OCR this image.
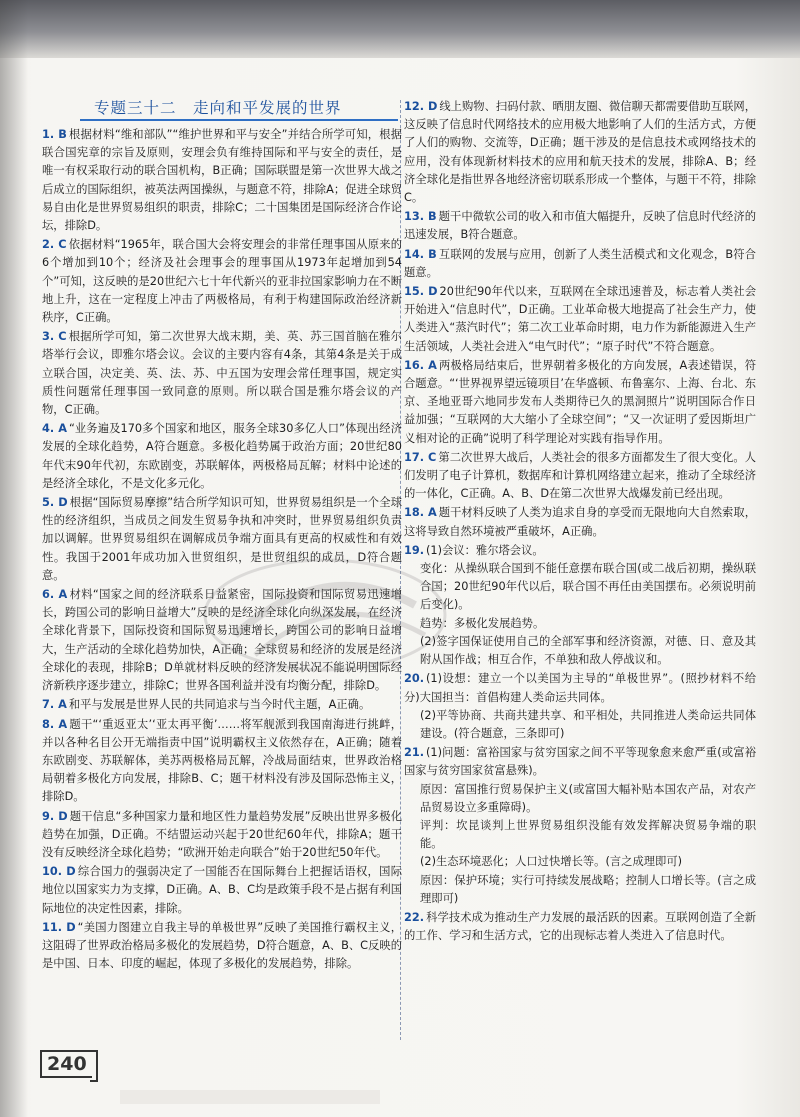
专题三十二　走向和平发展的世界
1. B 根据材料“维和部队”“维护世界和平与安全”并结合所学可知，根据联合国宪章的宗旨及原则，安理会负有维持国际和平与安全的责任，是唯一有权采取行动的联合国机构，B正确；国际联盟是第一次世界大战之后成立的国际组织，被英法两国操纵，与题意不符，排除A；促进全球贸易自由化是世界贸易组织的职责，排除C；二十国集团是国际经济合作论坛，排除D。
2. C 依据材料“1965年，联合国大会将安理会的非常任理事国从原来的6个增加到10个；经济及社会理事会的理事国从1973年起增加到54个”可知，这反映的是20世纪六七十年代新兴的亚非拉国家影响力在不断地上升，这在一定程度上冲击了两极格局，有利于构建国际政治经济新秩序，C正确。
3. C 根据所学可知，第二次世界大战末期，美、英、苏三国首脑在雅尔塔举行会议，即雅尔塔会议。会议的主要内容有4条，其第4条是关于成立联合国，决定美、英、法、苏、中五国为安理会常任理事国，规定实质性问题常任理事国一致同意的原则。所以联合国是雅尔塔会议的产物，C正确。
4. A “业务遍及170多个国家和地区，服务全球30多亿人口”体现出经济发展的全球化趋势，A符合题意。多极化趋势属于政治方面；20世纪80年代末90年代初，东欧剧变，苏联解体，两极格局瓦解；材料中论述的是经济全球化，不是文化多元化。
5. D 根据“国际贸易摩擦”结合所学知识可知，世界贸易组织是一个全球性的经济组织，当成员之间发生贸易争执和冲突时，世界贸易组织负责加以调解。世界贸易组织在调解成员争端方面具有更高的权威性和有效性。我国于2001年成功加入世贸组织，是世贸组织的成员，D符合题意。
6. A 材料“国家之间的经济联系日益紧密，国际投资和国际贸易迅速增长，跨国公司的影响日益增大”反映的是经济全球化向纵深发展，在经济全球化背景下，国际投资和国际贸易迅速增长，跨国公司的影响日益增大，生产活动的全球化趋势加快，A正确；全球贸易和经济的发展是经济全球化的表现，排除B；D单就材料反映的经济发展状况不能说明国际经济新秩序逐步建立，排除C；世界各国利益并没有均衡分配，排除D。
7. A 和平与发展是世界人民的共同追求与当今时代主题，A正确。
8. A 题干“‘重返亚太’‘亚太再平衡’……将军舰派到我国南海进行挑衅，并以各种名目公开无端指责中国”说明霸权主义依然存在，A正确；随着东欧剧变、苏联解体，美苏两极格局瓦解，冷战局面结束，世界政治格局朝着多极化方向发展，排除B、C；题干材料没有涉及国际恐怖主义，排除D。
9. D 题干信息“多种国家力量和地区性力量趋势发展”反映出世界多极化趋势在加强，D正确。不结盟运动兴起于20世纪60年代，排除A；题干没有反映经济全球化趋势；“欧洲开始走向联合”始于20世纪50年代。
10. D 综合国力的强弱决定了一国能否在国际舞台上把握话语权，国际地位以国家实力为支撑，D正确。A、B、C均是政策手段不是占据有利国际地位的决定性因素，排除。
11. D “美国力图建立自我主导的单极世界”反映了美国推行霸权主义，这阻碍了世界政治格局多极化的发展趋势，D符合题意，A、B、C反映的是中国、日本、印度的崛起，体现了多极化的发展趋势，排除。
12. D 线上购物、扫码付款、晒朋友圈、微信聊天都需要借助互联网，这反映了信息时代网络技术的应用极大地影响了人们的生活方式，方便了人们的购物、交流等，D正确；题干涉及的是信息技术或网络技术的应用，没有体现新材料技术的应用和航天技术的发展，排除A、B；经济全球化是指世界各地经济密切联系形成一个整体，与题干不符，排除C。
13. B 题干中微软公司的收入和市值大幅提升，反映了信息时代经济的迅速发展，B符合题意。
14. B 互联网的发展与应用，创新了人类生活模式和文化观念，B符合题意。
15. D 20世纪90年代以来，互联网在全球迅速普及，标志着人类社会开始进入“信息时代”，D正确。工业革命极大地提高了社会生产力，使人类进入“蒸汽时代”；第二次工业革命时期，电力作为新能源进入生产生活领域，人类社会进入“电气时代”；“原子时代”不符合题意。
16. A 两极格局结束后，世界朝着多极化的方向发展，A表述错误，符合题意。“‘世界视界望远镜项目’在华盛顿、布鲁塞尔、上海、台北、东京、圣地亚哥六地同步发布人类期待已久的黑洞照片”说明国际合作日益加强；“互联网的大大缩小了全球空间”；“又一次证明了爱因斯坦广义相对论的正确”说明了科学理论对实践有指导作用。
17. C 第二次世界大战后，人类社会的很多方面都发生了很大变化。人们发明了电子计算机，数据库和计算机网络建立起来，推动了全球经济的一体化，C正确。A、B、D在第二次世界大战爆发前已经出现。
18. A 题干材料反映了人类为追求自身的享受而无限地向大自然索取，这将导致自然环境被严重破坏，A正确。
19. (1)会议：雅尔塔会议。
变化：从操纵联合国到不能任意摆布联合国(或二战后初期，操纵联合国；20世纪90年代以后，联合国不再任由美国摆布。必须说明前后变化)。
趋势：多极化发展趋势。
(2)签字国保证使用自己的全部军事和经济资源，对德、日、意及其附从国作战；相互合作，不单独和敌人停战议和。
20. (1)设想：建立一个以美国为主导的“单极世界”。(照抄材料不给分)大国担当：首倡构建人类命运共同体。
(2)平等协商、共商共建共享、和平相处，共同推进人类命运共同体建设。(符合题意，三条即可)
21. (1)问题：富裕国家与贫穷国家之间不平等现象愈来愈严重(或富裕国家与贫穷国家贫富悬殊)。
原因：富国推行贸易保护主义(或富国大幅补贴本国农产品，对农产品贸易设立多重障碍)。
评判：坎昆谈判上世界贸易组织没能有效发挥解决贸易争端的职能。
(2)生态环境恶化；人口过快增长等。(言之成理即可)
原因：保护环境；实行可持续发展战略；控制人口增长等。(言之成理即可)
22. 科学技术成为推动生产力发展的最活跃的因素。互联网创造了全新的工作、学习和生活方式，它的出现标志着人类进入了信息时代。
240
